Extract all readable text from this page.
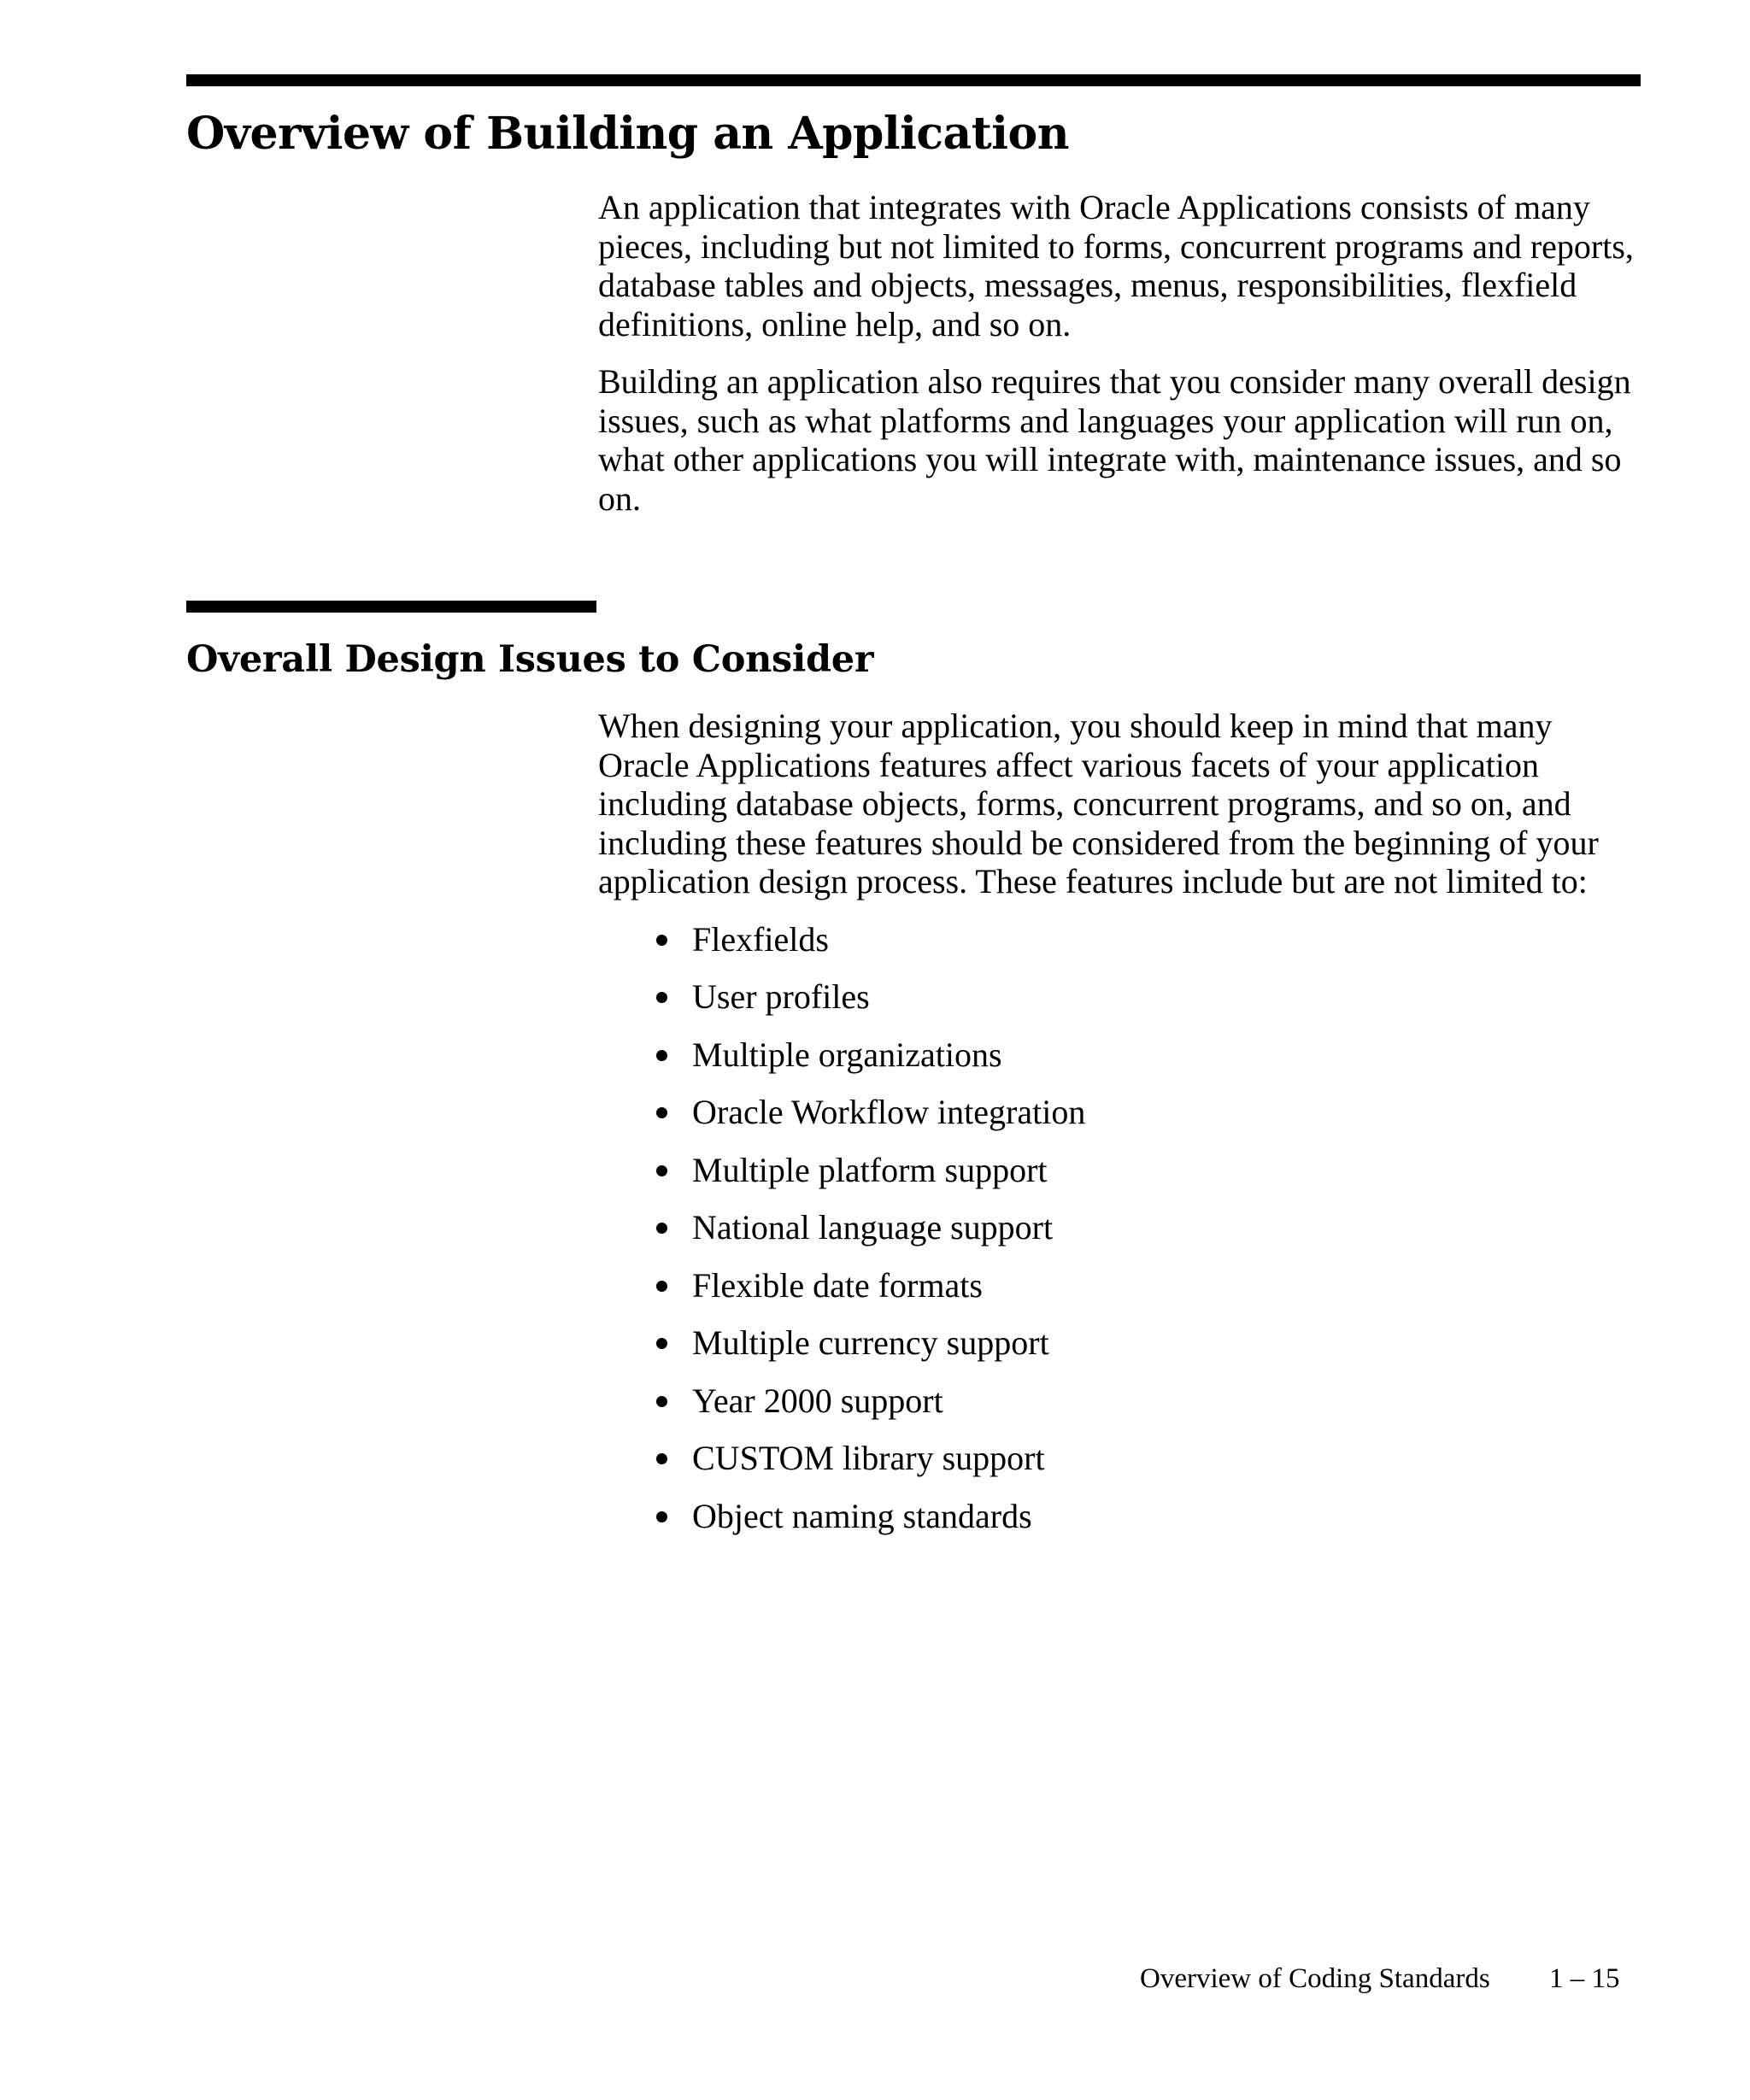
Overview of Building an Application

An application that integrates with Oracle Applications consists of many pieces, including but not limited to forms, concurrent programs and reports, database tables and objects, messages, menus, responsibilities, flexfield definitions, online help, and so on.

Building an application also requires that you consider many overall design issues, such as what platforms and languages your application will run on, what other applications you will integrate with, maintenance issues, and so on.

Overall Design Issues to Consider

When designing your application, you should keep in mind that many Oracle Applications features affect various facets of your application including database objects, forms, concurrent programs, and so on, and including these features should be considered from the beginning of your application design process. These features include but are not limited to:

Flexfields
User profiles
Multiple organizations
Oracle Workflow integration
Multiple platform support
National language support
Flexible date formats
Multiple currency support
Year 2000 support
CUSTOM library support
Object naming standards
Overview of Coding Standards 1 – 15
